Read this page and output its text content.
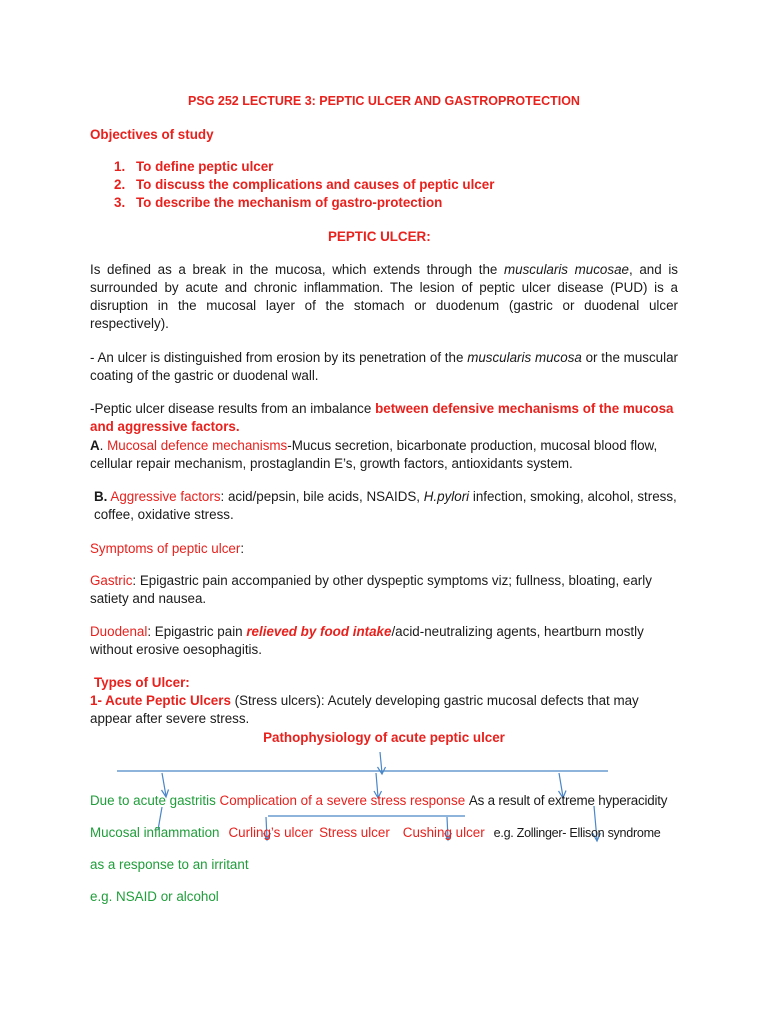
PSG 252 LECTURE 3: PEPTIC ULCER AND GASTROPROTECTION
Objectives of study
1. To define peptic ulcer
2. To discuss the complications and causes of peptic ulcer
3. To describe the mechanism of gastro-protection
PEPTIC ULCER:
Is defined as a break in the mucosa, which extends through the muscularis mucosae, and is surrounded by acute and chronic inflammation. The lesion of peptic ulcer disease (PUD) is a disruption in the mucosal layer of the stomach or duodenum (gastric or duodenal ulcer respectively).
- An ulcer is distinguished from erosion by its penetration of the muscularis mucosa or the muscular coating of the gastric or duodenal wall.
-Peptic ulcer disease results from an imbalance between defensive mechanisms of the mucosa and aggressive factors.
A. Mucosal defence mechanisms-Mucus secretion, bicarbonate production, mucosal blood flow, cellular repair mechanism, prostaglandin E’s, growth factors, antioxidants system.
B. Aggressive factors: acid/pepsin, bile acids, NSAIDS, H.pylori infection, smoking, alcohol, stress, coffee, oxidative stress.
Symptoms of peptic ulcer:
Gastric: Epigastric pain accompanied by other dyspeptic symptoms viz; fullness, bloating, early satiety and nausea.
Duodenal: Epigastric pain relieved by food intake/acid-neutralizing agents, heartburn mostly without erosive oesophagitis.
Types of Ulcer:
1- Acute Peptic Ulcers (Stress ulcers): Acutely developing gastric mucosal defects that may appear after severe stress.
Pathophysiology of acute peptic ulcer
Due to acute gastritis Complication of a severe stress response As a result of extreme hyperacidity
Mucosal inflammation Curling’s ulcer Stress ulcer Cushing ulcer e.g. Zollinger- Ellison syndrome
as a response to an irritant
e.g. NSAID or alcohol
